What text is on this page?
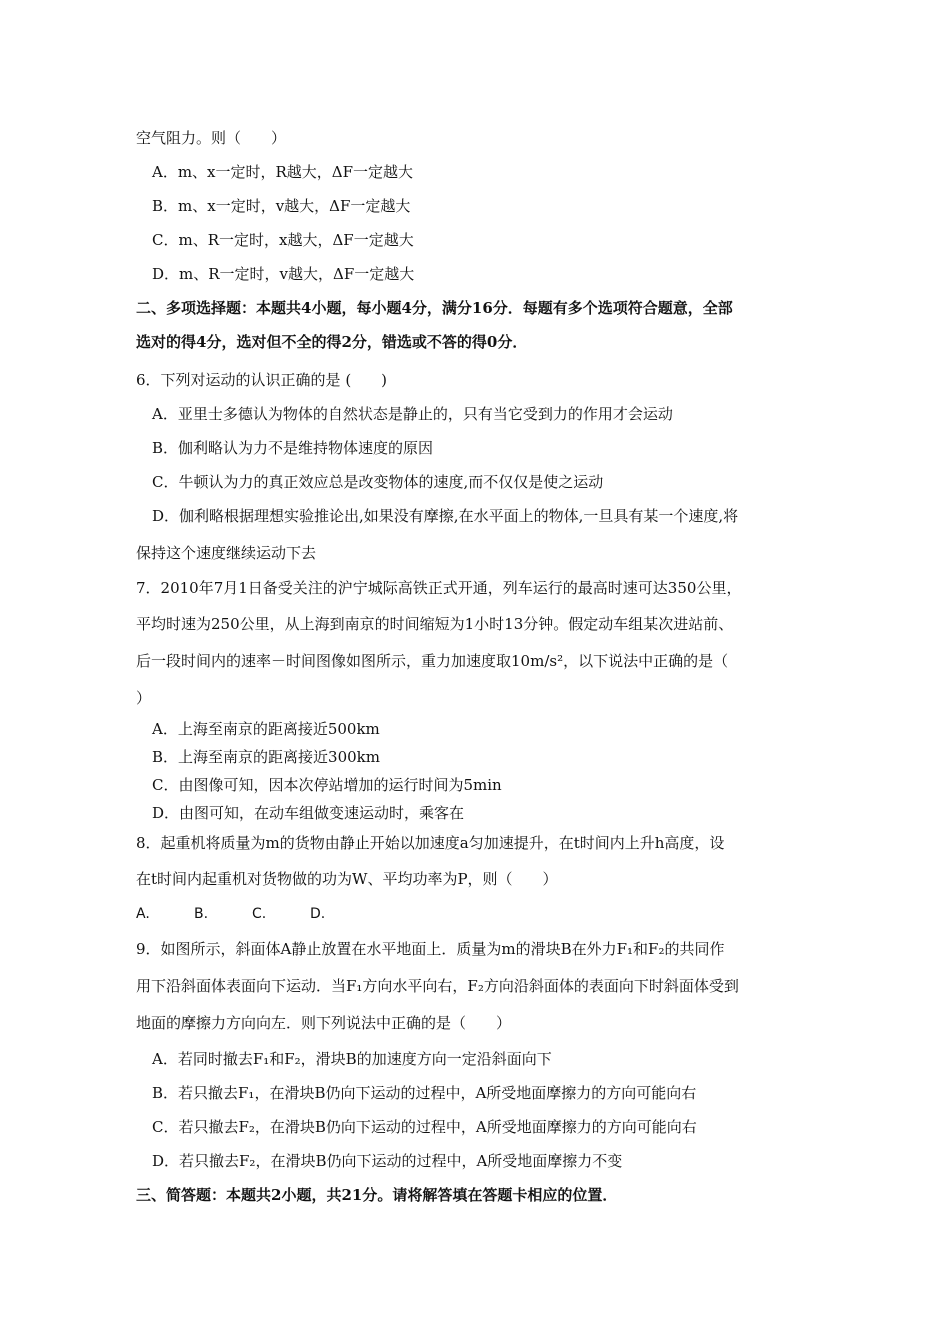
空气阻力。则（　　）
A．m、x一定时，R越大，ΔF一定越大
B．m、x一定时，v越大，ΔF一定越大
C．m、R一定时，x越大，ΔF一定越大
D．m、R一定时，v越大，ΔF一定越大
二、多项选择题：本题共4小题，每小题4分，满分16分．每题有多个选项符合题意，全部
选对的得4分，选对但不全的得2分，错选或不答的得0分．
6．下列对运动的认识正确的是 (　　)
A．亚里士多德认为物体的自然状态是静止的，只有当它受到力的作用才会运动
B．伽利略认为力不是维持物体速度的原因
C．牛顿认为力的真正效应总是改变物体的速度,而不仅仅是使之运动
D．伽利略根据理想实验推论出,如果没有摩擦,在水平面上的物体,一旦具有某一个速度,将
保持这个速度继续运动下去
7．2010年7月1日备受关注的沪宁城际高铁正式开通，列车运行的最高时速可达350公里，
平均时速为250公里，从上海到南京的时间缩短为1小时13分钟。假定动车组某次进站前、
后一段时间内的速率－时间图像如图所示，重力加速度取10m/s²，以下说法中正确的是（
）
A．上海至南京的距离接近500km
B．上海至南京的距离接近300km
C．由图像可知，因本次停站增加的运行时间为5min
D．由图可知，在动车组做变速运动时，乘客在
8．起重机将质量为m的货物由静止开始以加速度a匀加速提升，在t时间内上升h高度，设
在t时间内起重机对货物做的功为W、平均功率为P，则（　　）
A.	B.	C.	D.
9．如图所示，斜面体A静止放置在水平地面上．质量为m的滑块B在外力F₁和F₂的共同作
用下沿斜面体表面向下运动．当F₁方向水平向右，F₂方向沿斜面体的表面向下时斜面体受到
地面的摩擦力方向向左．则下列说法中正确的是（　　）
A．若同时撤去F₁和F₂，滑块B的加速度方向一定沿斜面向下
B．若只撤去F₁，在滑块B仍向下运动的过程中，A所受地面摩擦力的方向可能向右
C．若只撤去F₂，在滑块B仍向下运动的过程中，A所受地面摩擦力的方向可能向右
D．若只撤去F₂，在滑块B仍向下运动的过程中，A所受地面摩擦力不变
三、简答题：本题共2小题，共21分。请将解答填在答题卡相应的位置．
